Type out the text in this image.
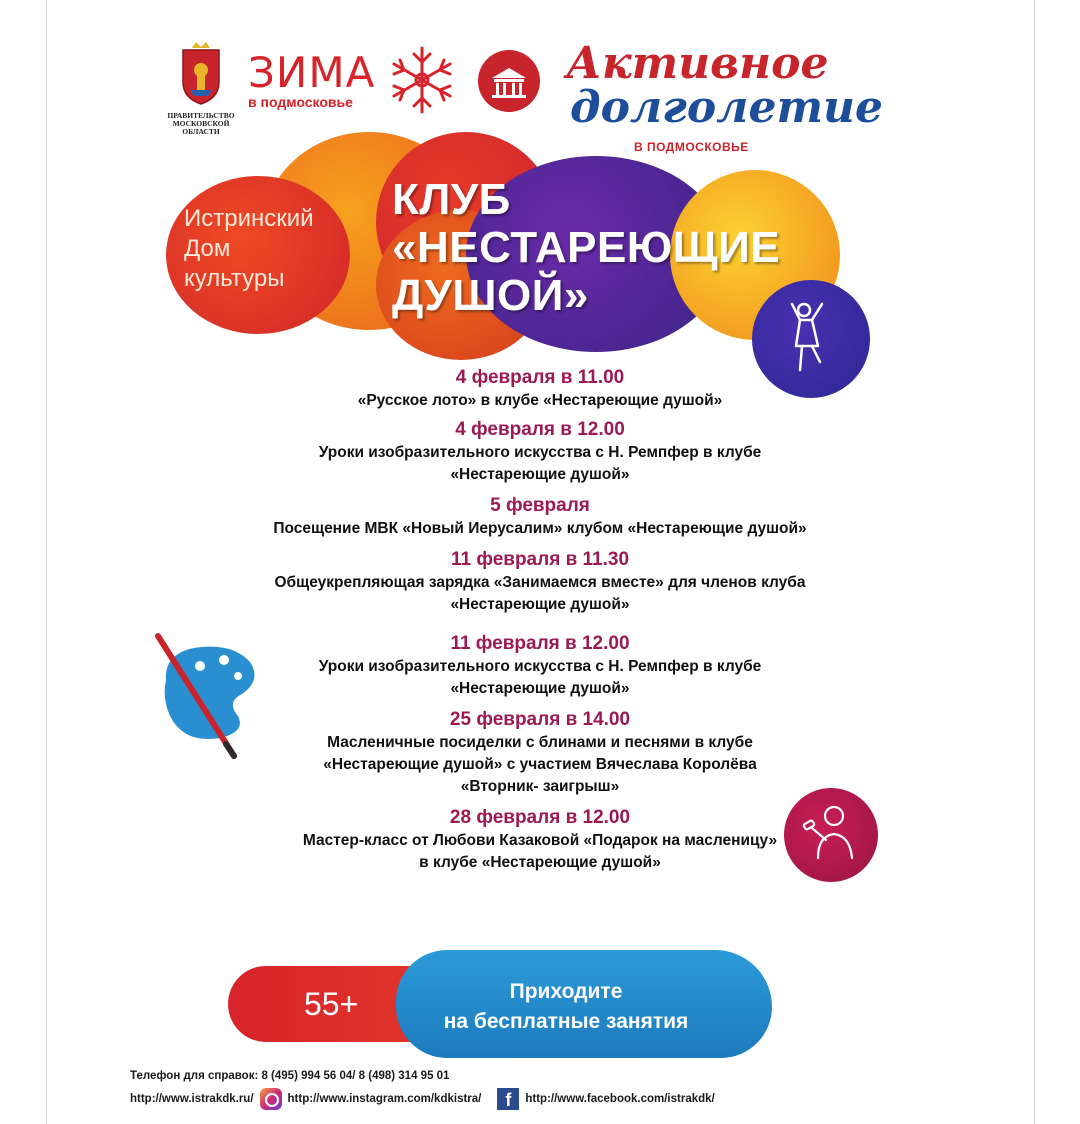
ПРАВИТЕЛЬСТВО
МОСКОВСКОЙ
ОБЛАСТИ
ЗИМА
в подмосковье
Активное
долголетие
В ПОДМОСКОВЬЕ
Истринский
Дом
культуры
КЛУБ
«НЕСТАРЕЮЩИЕ
ДУШОЙ»
4 февраля в 11.00
«Русское лото» в клубе «Нестареющие душой»
4 февраля в 12.00
Уроки изобразительного искусства с Н. Ремпфер в клубе
«Нестареющие душой»
5 февраля
Посещение МВК «Новый Иерусалим» клубом «Нестареющие душой»
11 февраля в 11.30
Общеукрепляющая зарядка «Занимаемся вместе» для членов клуба
«Нестареющие душой»
11 февраля в 12.00
Уроки изобразительного искусства с Н. Ремпфер в клубе
«Нестареющие душой»
25 февраля в 14.00
Масленичные посиделки с блинами и песнями в клубе
«Нестареющие душой» с участием Вячеслава Королёва
«Вторник- заигрыш»
28 февраля в 12.00
Мастер-класс от Любови Казаковой «Подарок на масленицу»
в клубе «Нестареющие душой»
55+	Приходите
на бесплатные занятия
Телефон для справок: 8 (495) 994 56 04/ 8 (498) 314 95 01
http://www.istrakdk.ru/	http://www.instagram.com/kdkistra/	f	http://www.facebook.com/istrakdk/
